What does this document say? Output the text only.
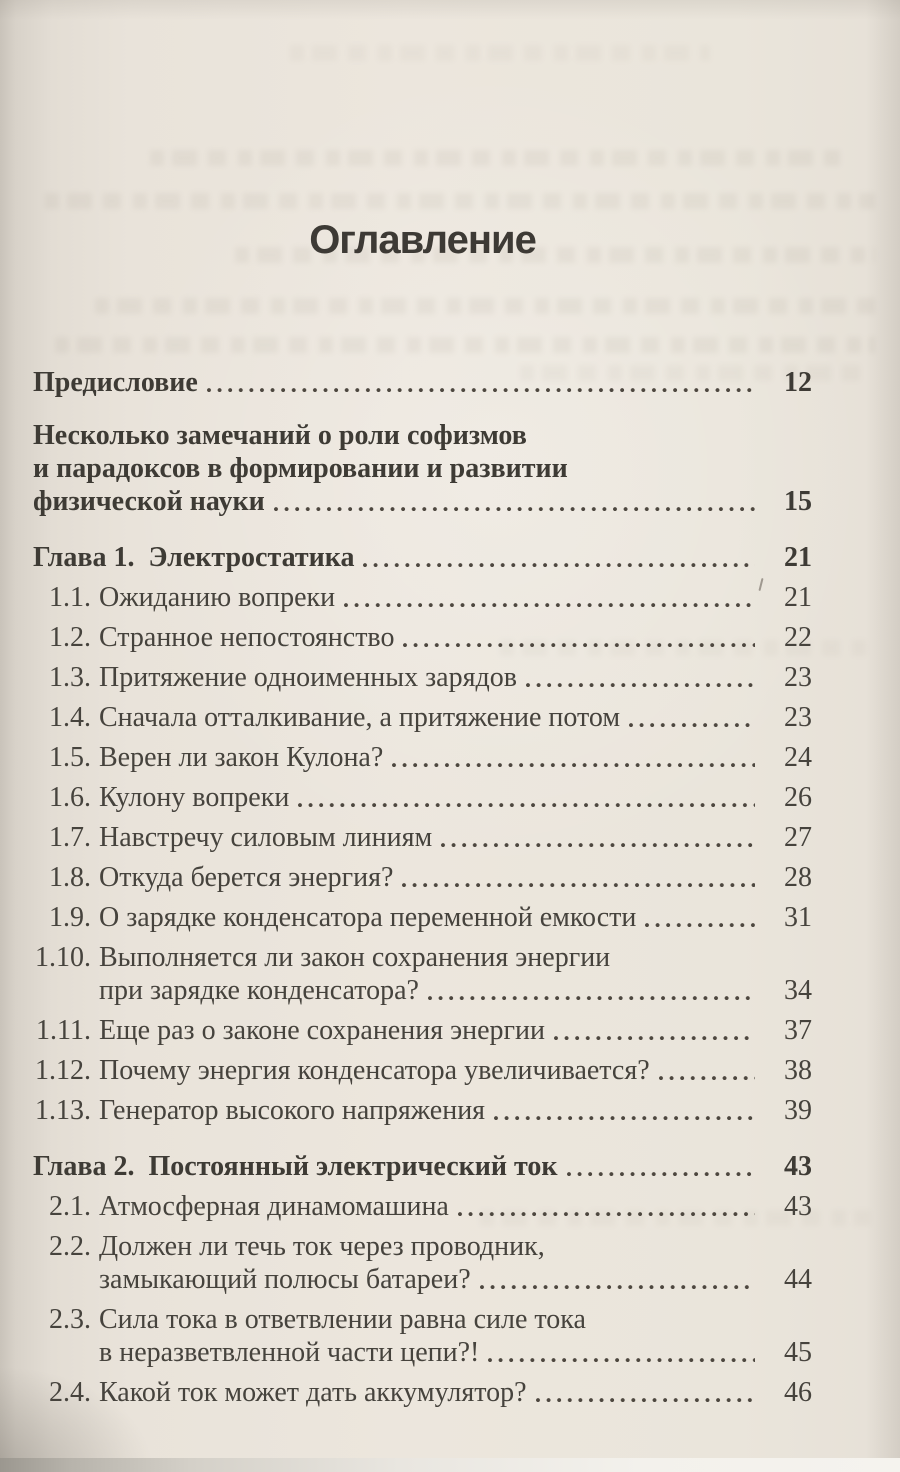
Оглавление
Предисловие	12
Несколько замечаний о роли софизмов
и парадоксов в формировании и развитии
физической науки	15
Глава 1. Электростатика	21
1.1. Ожиданию вопреки	21
1.2. Странное непостоянство	22
1.3. Притяжение одноименных зарядов	23
1.4. Сначала отталкивание, а притяжение потом	23
1.5. Верен ли закон Кулона?	24
1.6. Кулону вопреки	26
1.7. Навстречу силовым линиям	27
1.8. Откуда берется энергия?	28
1.9. О зарядке конденсатора переменной емкости	31
1.10. Выполняется ли закон сохранения энергии
при зарядке конденсатора?	34
1.11. Еще раз о законе сохранения энергии	37
1.12. Почему энергия конденсатора увеличивается?	38
1.13. Генератор высокого напряжения	39
Глава 2. Постоянный электрический ток	43
2.1. Атмосферная динамомашина	43
2.2. Должен ли течь ток через проводник,
замыкающий полюсы батареи?	44
2.3. Сила тока в ответвлении равна силе тока
в неразветвленной части цепи?!	45
2.4. Какой ток может дать аккумулятор?	46
